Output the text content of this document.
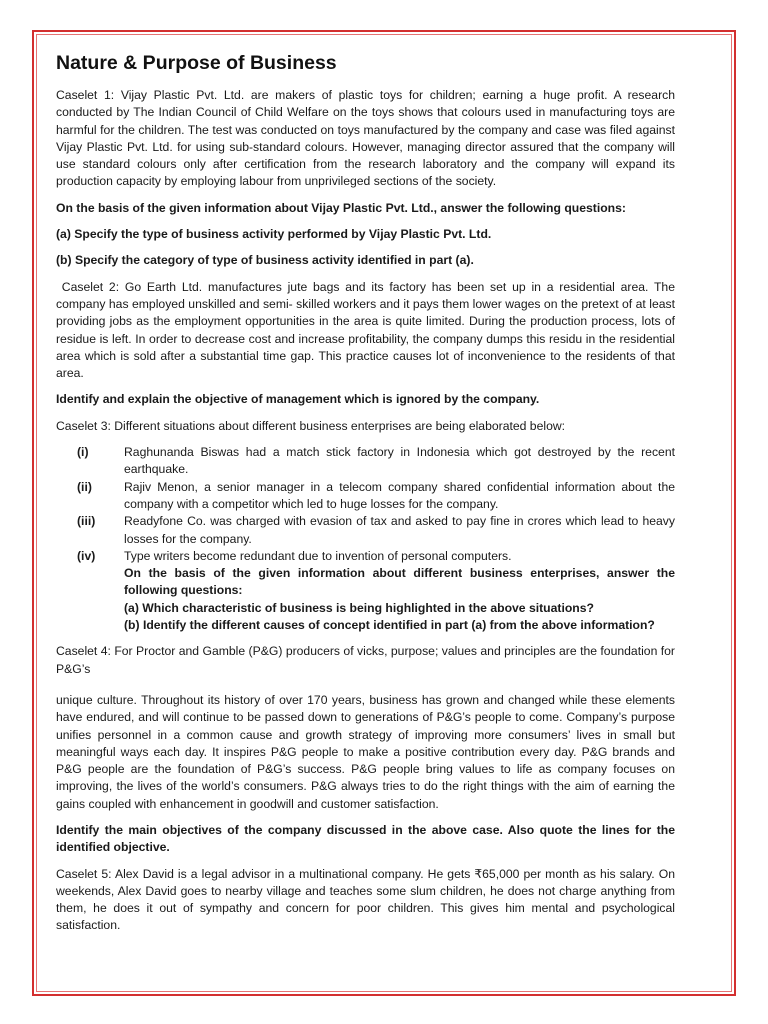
Nature & Purpose of Business

Caselet 1: Vijay Plastic Pvt. Ltd. are makers of plastic toys for children; earning a huge profit. A research conducted by The Indian Council of Child Welfare on the toys shows that colours used in manufacturing toys are harmful for the children. The test was conducted on toys manufactured by the company and case was filed against Vijay Plastic Pvt. Ltd. for using sub-standard colours. However, managing director assured that the company will use standard colours only after certification from the research laboratory and the company will expand its production capacity by employing labour from unprivileged sections of the society.

On the basis of the given information about Vijay Plastic Pvt. Ltd., answer the following questions:

(a) Specify the type of business activity performed by Vijay Plastic Pvt. Ltd.

(b) Specify the category of type of business activity identified in part (a).

Caselet 2: Go Earth Ltd. manufactures jute bags and its factory has been set up in a residential area. The company has employed unskilled and semi- skilled workers and it pays them lower wages on the pretext of at least providing jobs as the employment opportunities in the area is quite limited. During the production process, lots of residue is left. In order to decrease cost and increase profitability, the company dumps this residu in the residential area which is sold after a substantial time gap. This practice causes lot of inconvenience to the residents of that area.

Identify and explain the objective of management which is ignored by the company.

Caselet 3: Different situations about different business enterprises are being elaborated below:

(i)	Raghunanda Biswas had a match stick factory in Indonesia which got destroyed by the recent earthquake.
(ii)	Rajiv Menon, a senior manager in a telecom company shared confidential information about the company with a competitor which led to huge losses for the company.
(iii)	Readyfone Co. was charged with evasion of tax and asked to pay fine in crores which lead to heavy losses for the company.
(iv)	Type writers become redundant due to invention of personal computers.
On the basis of the given information about different business enterprises, answer the following questions:
(a) Which characteristic of business is being highlighted in the above situations?
(b) Identify the different causes of concept identified in part (a) from the above information?

Caselet 4: For Proctor and Gamble (P&G) producers of vicks, purpose; values and principles are the foundation for P&G’s

unique culture. Throughout its history of over 170 years, business has grown and changed while these elements have endured, and will continue to be passed down to generations of P&G’s people to come. Company’s purpose unifies personnel in a common cause and growth strategy of improving more consumers’ lives in small but meaningful ways each day. It inspires P&G people to make a positive contribution every day. P&G brands and P&G people are the foundation of P&G’s success. P&G people bring values to life as company focuses on improving, the lives of the world’s consumers. P&G always tries to do the right things with the aim of earning the gains coupled with enhancement in goodwill and customer satisfaction.

Identify the main objectives of the company discussed in the above case. Also quote the lines for the identified objective.

Caselet 5: Alex David is a legal advisor in a multinational company. He gets ₹65,000 per month as his salary. On weekends, Alex David goes to nearby village and teaches some slum children, he does not charge anything from them, he does it out of sympathy and concern for poor children. This gives him mental and psychological satisfaction.
